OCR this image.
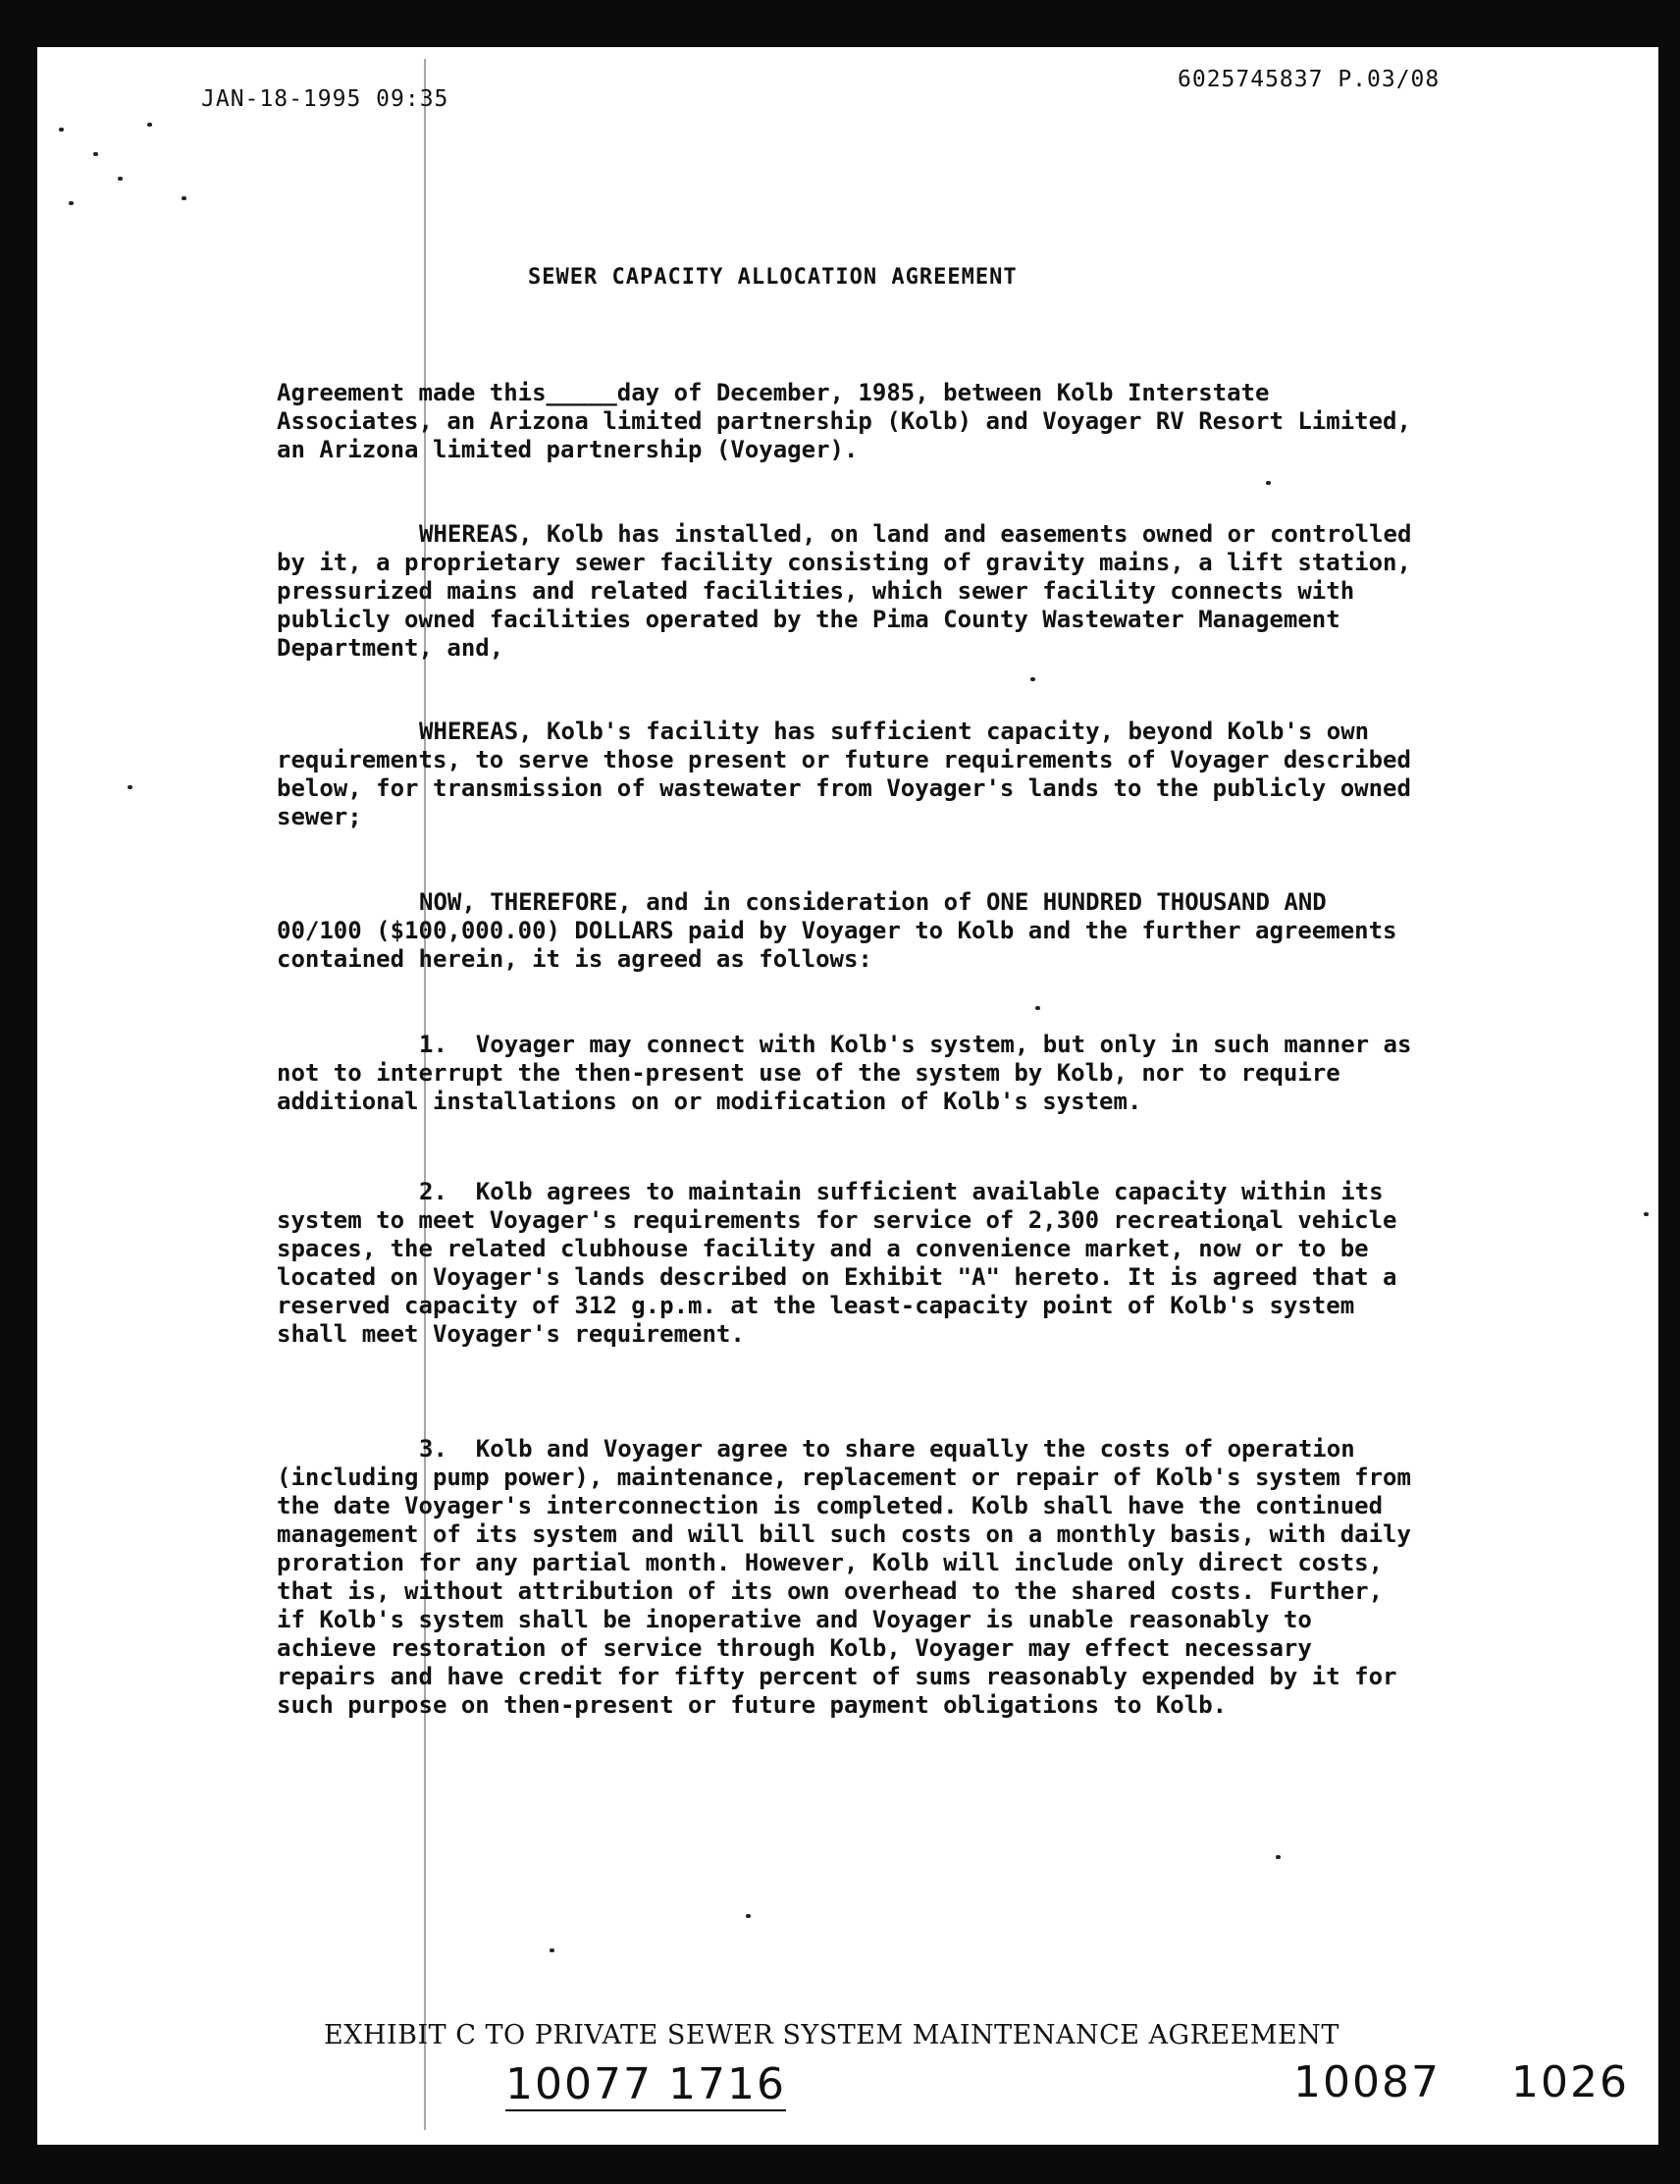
JAN-18-1995 09:35
6025745837 P.03/08
SEWER CAPACITY ALLOCATION AGREEMENT

Agreement made this_____day of December, 1985, between Kolb Interstate Associates, an Arizona limited partnership (Kolb) and Voyager RV Resort Limited, an Arizona limited partnership (Voyager).

WHEREAS, Kolb has installed, on land and easements owned or controlled by it, a proprietary sewer facility consisting of gravity mains, a lift station, pressurized mains and related facilities, which sewer facility connects with publicly owned facilities operated by the Pima County Wastewater Management Department, and,

WHEREAS, Kolb's facility has sufficient capacity, beyond Kolb's own requirements, to serve those present or future requirements of Voyager described below, for transmission of wastewater from Voyager's lands to the publicly owned sewer;

NOW, THEREFORE, and in consideration of ONE HUNDRED THOUSAND AND 00/100 ($100,000.00) DOLLARS paid by Voyager to Kolb and the further agreements contained herein, it is agreed as follows:

1.  Voyager may connect with Kolb's system, but only in such manner as not to interrupt the then-present use of the system by Kolb, nor to require additional installations on or modification of Kolb's system.

2.  Kolb agrees to maintain sufficient available capacity within its system to meet Voyager's requirements for service of 2,300 recreational vehicle spaces, the related clubhouse facility and a convenience market, now or to be located on Voyager's lands described on Exhibit "A" hereto. It is agreed that a reserved capacity of 312 g.p.m. at the least-capacity point of Kolb's system shall meet Voyager's requirement.

3.  Kolb and Voyager agree to share equally the costs of operation (including pump power), maintenance, replacement or repair of Kolb's system from the date Voyager's interconnection is completed. Kolb shall have the continued management of its system and will bill such costs on a monthly basis, with daily proration for any partial month. However, Kolb will include only direct costs, that is, without attribution of its own overhead to the shared costs. Further, if Kolb's system shall be inoperative and Voyager is unable reasonably to achieve restoration of service through Kolb, Voyager may effect necessary repairs and have credit for fifty percent of sums reasonably expended by it for such purpose on then-present or future payment obligations to Kolb.

EXHIBIT C TO PRIVATE SEWER SYSTEM MAINTENANCE AGREEMENT
10077 1716	10087 1026
